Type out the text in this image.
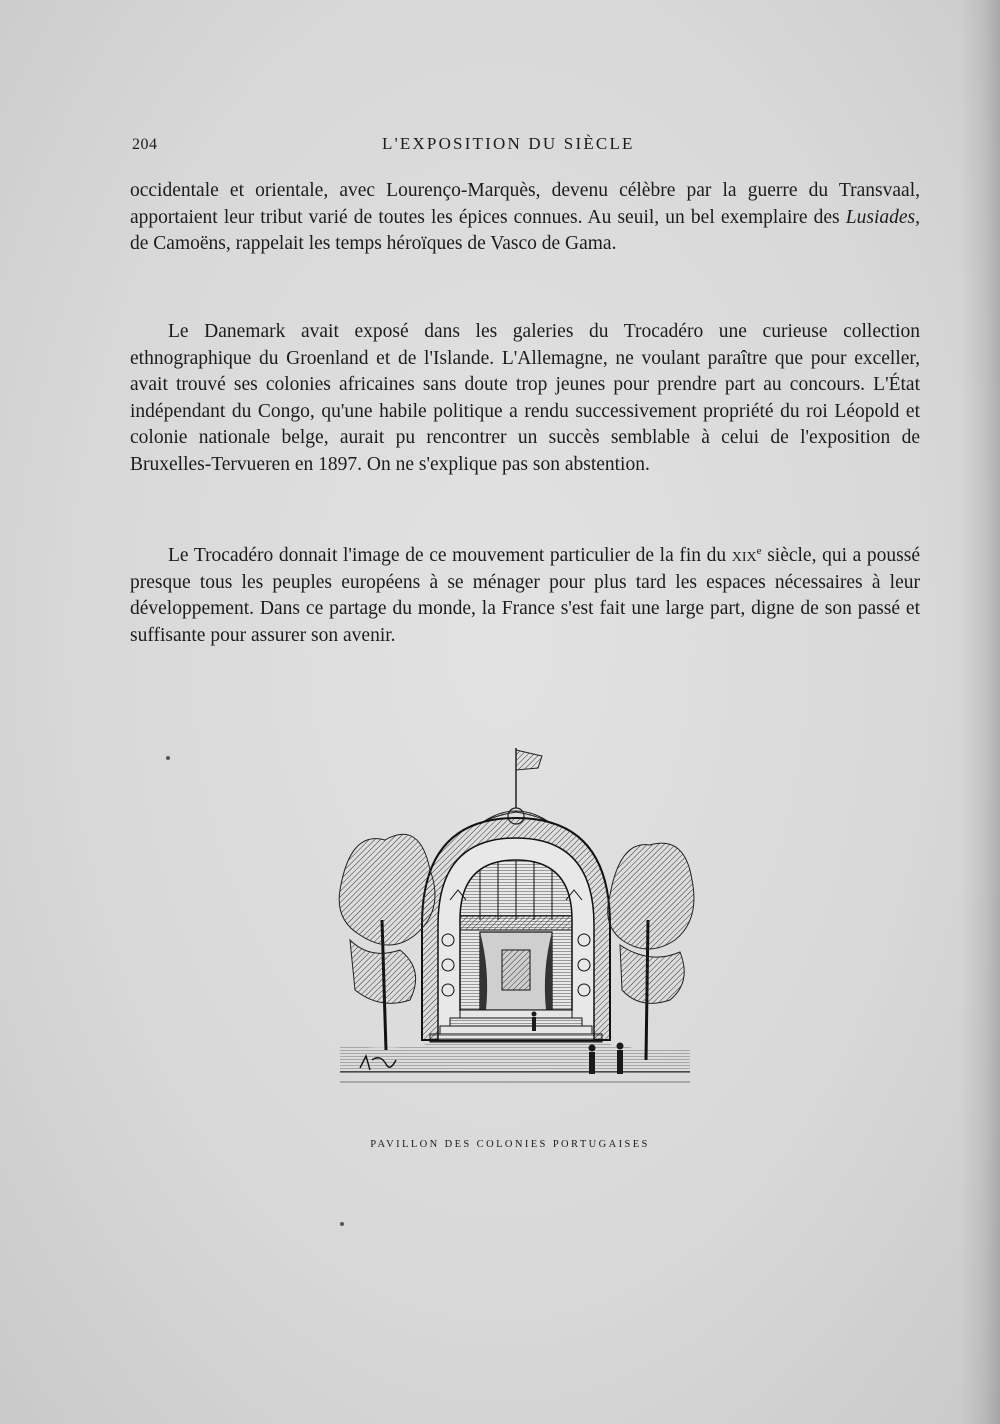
204	L'EXPOSITION DU SIÈCLE

occidentale et orientale, avec Lourenço-Marquès, devenu célèbre par la guerre du Transvaal, apportaient leur tribut varié de toutes les épices connues. Au seuil, un bel exemplaire des Lusiades, de Camoëns, rappelait les temps héroïques de Vasco de Gama.

Le Danemark avait exposé dans les galeries du Trocadéro une curieuse collection ethnographique du Groenland et de l'Islande. L'Allemagne, ne voulant paraître que pour exceller, avait trouvé ses colonies africaines sans doute trop jeunes pour prendre part au concours. L'État indépendant du Congo, qu'une habile politique a rendu successivement propriété du roi Léopold et colonie nationale belge, aurait pu rencontrer un succès semblable à celui de l'exposition de Bruxelles-Tervueren en 1897. On ne s'explique pas son abstention.

Le Trocadéro donnait l'image de ce mouvement particulier de la fin du xix$^e$ siècle, qui a poussé presque tous les peuples européens à se ménager pour plus tard les espaces nécessaires à leur développement. Dans ce partage du monde, la France s'est fait une large part, digne de son passé et suffisante pour assurer son avenir.

PAVILLON DES COLONIES PORTUGAISES
